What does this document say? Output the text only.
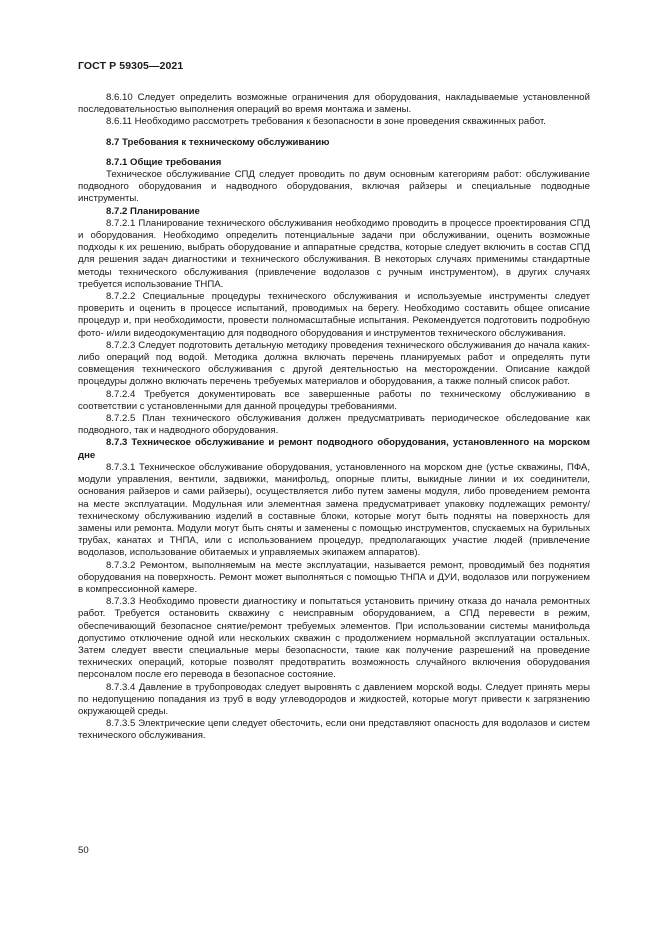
ГОСТ Р 59305—2021

8.6.10 Следует определить возможные ограничения для оборудования, накладываемые установленной последовательностью выполнения операций во время монтажа и замены.

8.6.11 Необходимо рассмотреть требования к безопасности в зоне проведения скважинных работ.

8.7 Требования к техническому обслуживанию

8.7.1 Общие требования

Техническое обслуживание СПД следует проводить по двум основным категориям работ: обслуживание подводного оборудования и надводного оборудования, включая райзеры и специальные подводные инструменты.

8.7.2 Планирование

8.7.2.1 Планирование технического обслуживания необходимо проводить в процессе проектирования СПД и оборудования. Необходимо определить потенциальные задачи при обслуживании, оценить возможные подходы к их решению, выбрать оборудование и аппаратные средства, которые следует включить в состав СПД для решения задач диагностики и технического обслуживания. В некоторых случаях применимы стандартные методы технического обслуживания (привлечение водолазов с ручным инструментом), в других случаях требуется использование ТНПА.

8.7.2.2 Специальные процедуры технического обслуживания и используемые инструменты следует проверить и оценить в процессе испытаний, проводимых на берегу. Необходимо составить общее описание процедур и, при необходимости, провести полномасштабные испытания. Рекомендуется подготовить подробную фото- и/или видеодокументацию для подводного оборудования и инструментов технического обслуживания.

8.7.2.3 Следует подготовить детальную методику проведения технического обслуживания до начала каких-либо операций под водой. Методика должна включать перечень планируемых работ и определять пути совмещения технического обслуживания с другой деятельностью на месторождении. Описание каждой процедуры должно включать перечень требуемых материалов и оборудования, а также полный список работ.

8.7.2.4 Требуется документировать все завершенные работы по техническому обслуживанию в соответствии с установленными для данной процедуры требованиями.

8.7.2.5 План технического обслуживания должен предусматривать периодическое обследование как подводного, так и надводного оборудования.

8.7.3 Техническое обслуживание и ремонт подводного оборудования, установленного на морском дне

8.7.3.1 Техническое обслуживание оборудования, установленного на морском дне (устье скважины, ПФА, модули управления, вентили, задвижки, манифольд, опорные плиты, выкидные линии и их соединители, основания райзеров и сами райзеры), осуществляется либо путем замены модуля, либо проведением ремонта на месте эксплуатации. Модульная или элементная замена предусматривает упаковку подлежащих ремонту/техническому обслуживанию изделий в составные блоки, которые могут быть подняты на поверхность для замены или ремонта. Модули могут быть сняты и заменены с помощью инструментов, спускаемых на бурильных трубах, канатах и ТНПА, или с использованием процедур, предполагающих участие людей (привлечение водолазов, использование обитаемых и управляемых экипажем аппаратов).

8.7.3.2 Ремонтом, выполняемым на месте эксплуатации, называется ремонт, проводимый без поднятия оборудования на поверхность. Ремонт может выполняться с помощью ТНПА и ДУИ, водолазов или погружением в компрессионной камере.

8.7.3.3 Необходимо провести диагностику и попытаться установить причину отказа до начала ремонтных работ. Требуется остановить скважину с неисправным оборудованием, а СПД перевести в режим, обеспечивающий безопасное снятие/ремонт требуемых элементов. При использовании системы манифольда допустимо отключение одной или нескольких скважин с продолжением нормальной эксплуатации остальных. Затем следует ввести специальные меры безопасности, такие как получение разрешений на проведение технических операций, которые позволят предотвратить возможность случайного включения оборудования персоналом после его перевода в безопасное состояние.

8.7.3.4 Давление в трубопроводах следует выровнять с давлением морской воды. Следует принять меры по недопущению попадания из труб в воду углеводородов и жидкостей, которые могут привести к загрязнению окружающей среды.

8.7.3.5 Электрические цепи следует обесточить, если они представляют опасность для водолазов и систем технического обслуживания.

50
